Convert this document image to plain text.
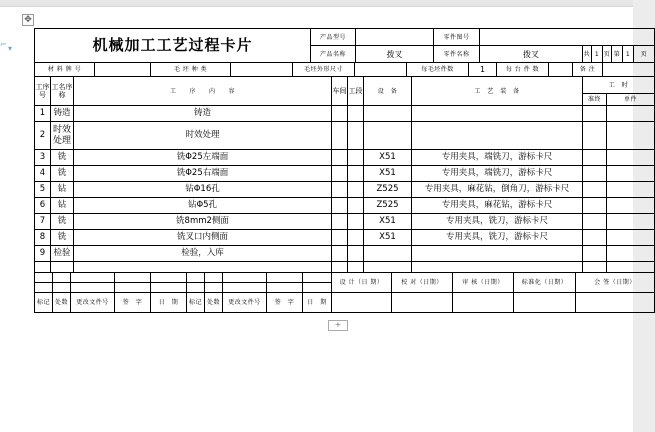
✥
⌐ ▾	机械加工工艺过程卡片	产品型号		零件图号							
	产品名称	拨叉	零件名称	拨叉	共	1	页	第	1	页
材 料 牌 号		毛 坯 种 类		毛坯外形尺寸		每毛坯件数	1	每 台 件 数		备 注	
工序号	工名序称	工　　序　　内　　容	车间	工段	设　备	工　艺　装　备	工　时	
							准终	单件
1	铸造	铸造						
2	时效处理	时效处理						
3	铣	铣Φ25左端面			X51	专用夹具，端铣刀，游标卡尺		
4	铣	铣Φ25右端面			X51	专用夹具，端铣刀，游标卡尺		
5	钻	钻Φ16孔			Z525	专用夹具，麻花钻，倒角刀，游标卡尺		
6	钻	钻Φ5孔			Z525	专用夹具，麻花钻，游标卡尺		
7	铣	铣8mm2侧面			X51	专用夹具，铣刀，游标卡尺		
8	铣	铣叉口内侧面			X51	专用夹具，铣刀，游标卡尺		
9	检验	检验，入库						

										设 计（日 期）	校 对（日期）	审 核（日期）	标准化（日期）	会 签（日期）

标记	处数	更改文件号	签　字	日　期	标记	处数	更改文件号	签　字	日　期					
+
